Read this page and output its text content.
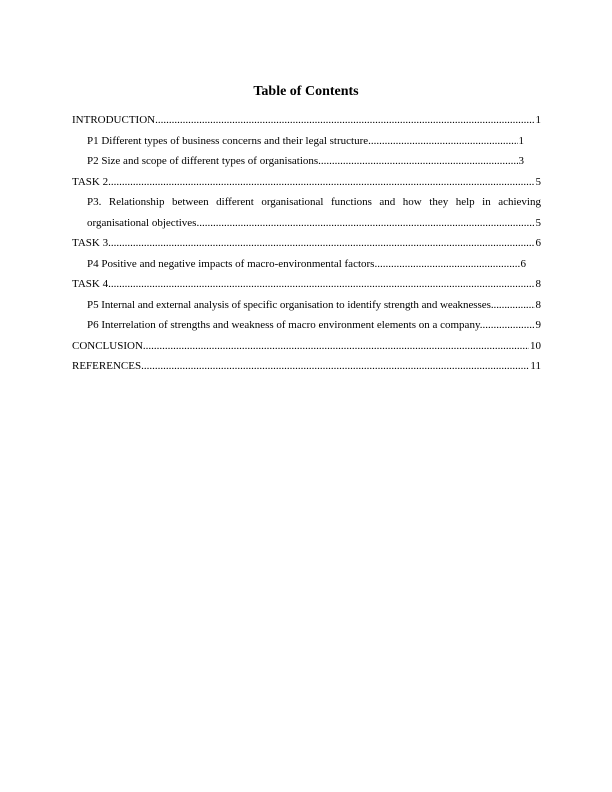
Table of Contents
INTRODUCTION .....	1
P1 Different types of business concerns and their legal structure .....	1
P2 Size and scope of different types of organisations .....	3
TASK 2 .....	5
P3. Relationship between different organisational functions and how they help in achieving
organisational objectives .....	5
TASK 3 .....	6
P4 Positive and negative impacts of macro-environmental factors .....	6
TASK 4 .....	8
P5 Internal and external analysis of specific organisation to identify strength and weaknesses .....	8
P6 Interrelation of strengths and weakness of macro environment elements on a company. .....	9
CONCLUSION .....	10
REFERENCES .....	11
